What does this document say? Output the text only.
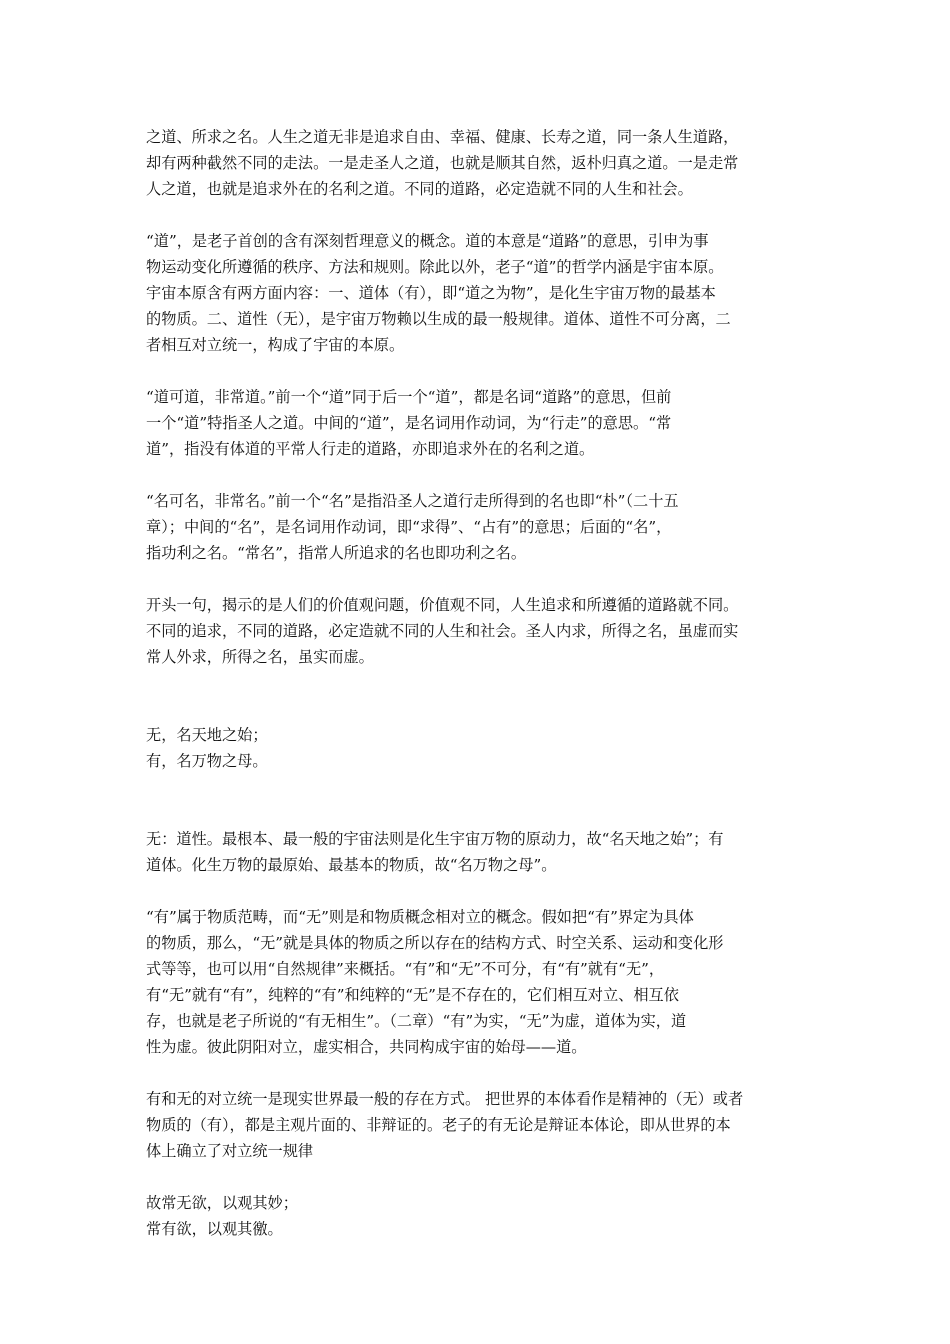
之道、所求之名。人生之道无非是追求自由、幸福、健康、长寿之道，同一条人生道路，
却有两种截然不同的走法。一是走圣人之道，也就是顺其自然，返朴归真之道。一是走常
人之道，也就是追求外在的名利之道。不同的道路，必定造就不同的人生和社会。
“道”，是老子首创的含有深刻哲理意义的概念。道的本意是“道路”的意思，引申为事
物运动变化所遵循的秩序、方法和规则。除此以外，老子“道”的哲学内涵是宇宙本原。
宇宙本原含有两方面内容：一、道体（有），即“道之为物”，是化生宇宙万物的最基本
的物质。二、道性（无），是宇宙万物赖以生成的最一般规律。道体、道性不可分离，二
者相互对立统一，构成了宇宙的本原。
“道可道，非常道。”前一个“道”同于后一个“道”，都是名词“道路”的意思，但前
一个“道”特指圣人之道。中间的“道”，是名词用作动词，为“行走”的意思。“常
道”，指没有体道的平常人行走的道路，亦即追求外在的名利之道。
“名可名，非常名。”前一个“名”是指沿圣人之道行走所得到的名也即“朴”（二十五
章）；中间的“名”，是名词用作动词，即“求得”、“占有”的意思；后面的“名”，
指功利之名。“常名”，指常人所追求的名也即功利之名。
开头一句，揭示的是人们的价值观问题，价值观不同，人生追求和所遵循的道路就不同。
不同的追求，不同的道路，必定造就不同的人生和社会。圣人内求，所得之名，虽虚而实
常人外求，所得之名，虽实而虚。
无，名天地之始；
有，名万物之母。
无：道性。最根本、最一般的宇宙法则是化生宇宙万物的原动力，故“名天地之始”；有
道体。化生万物的最原始、最基本的物质，故“名万物之母”。
“有”属于物质范畴，而“无”则是和物质概念相对立的概念。假如把“有”界定为具体
的物质，那么，“无”就是具体的物质之所以存在的结构方式、时空关系、运动和变化形
式等等，也可以用“自然规律”来概括。“有”和“无”不可分，有“有”就有“无”，
有“无”就有“有”，纯粹的“有”和纯粹的“无”是不存在的，它们相互对立、相互依
存，也就是老子所说的“有无相生”。（二章）“有”为实，“无”为虚，道体为实，道
性为虚。彼此阴阳对立，虚实相合，共同构成宇宙的始母——道。
有和无的对立统一是现实世界最一般的存在方式。 把世界的本体看作是精神的（无）或者
物质的（有），都是主观片面的、非辩证的。老子的有无论是辩证本体论，即从世界的本
体上确立了对立统一规律
故常无欲，以观其妙；
常有欲，以观其徼。
